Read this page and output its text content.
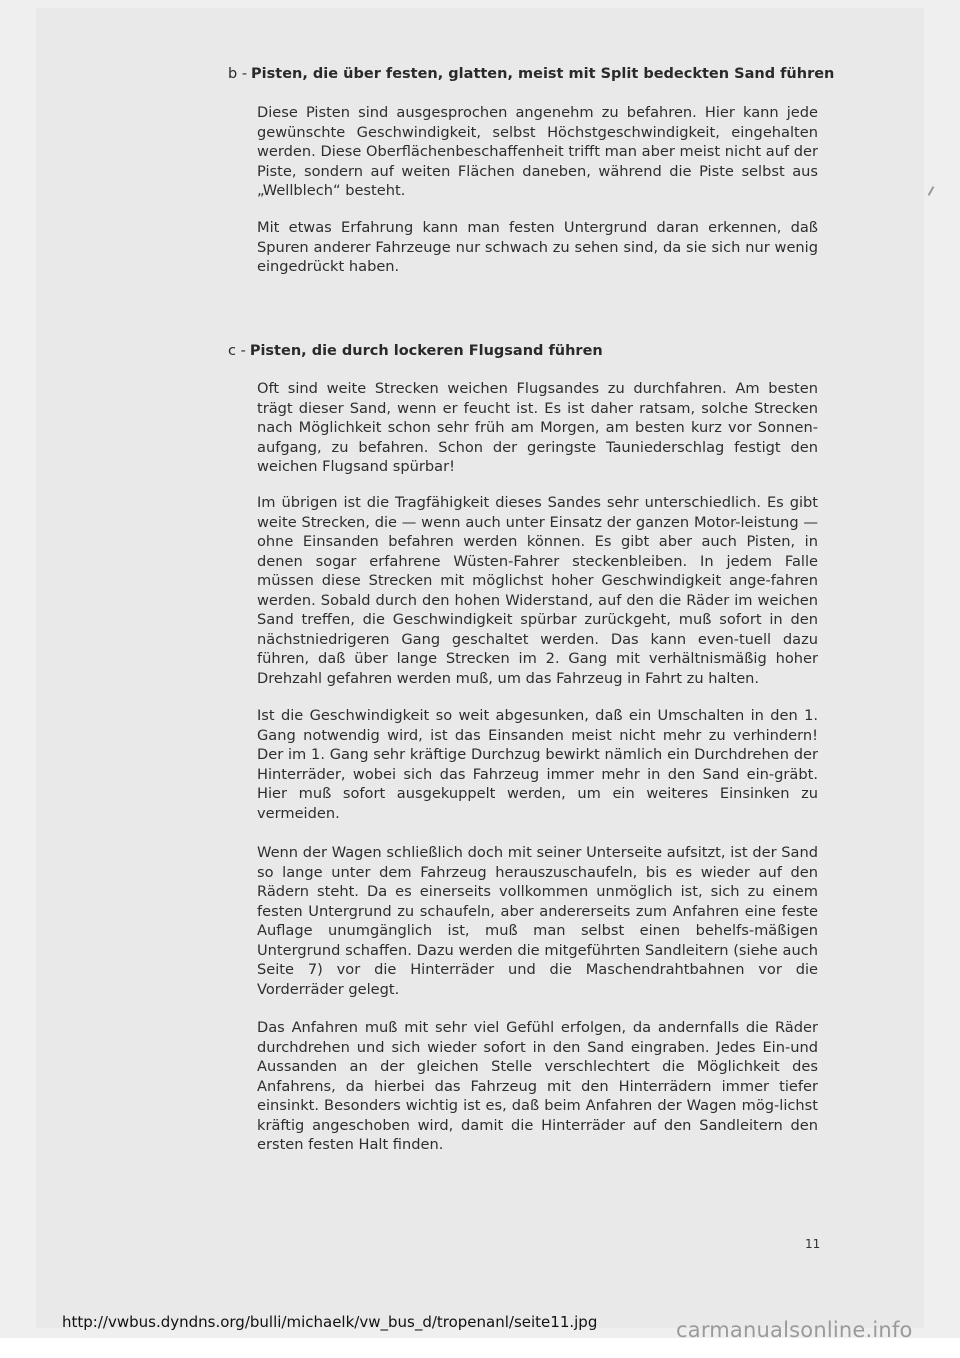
b - Pisten, die über festen, glatten, meist mit Split bedeckten Sand führen

Diese Pisten sind ausgesprochen angenehm zu befahren. Hier kann jede gewünschte Geschwindigkeit, selbst Höchstgeschwindigkeit, eingehalten werden. Diese Oberflächenbeschaffenheit trifft man aber meist nicht auf der Piste, sondern auf weiten Flächen daneben, während die Piste selbst aus „Wellblech“ besteht.

Mit etwas Erfahrung kann man festen Untergrund daran erkennen, daß Spuren anderer Fahrzeuge nur schwach zu sehen sind, da sie sich nur wenig eingedrückt haben.

c - Pisten, die durch lockeren Flugsand führen

Oft sind weite Strecken weichen Flugsandes zu durchfahren. Am besten trägt dieser Sand, wenn er feucht ist. Es ist daher ratsam, solche Strecken nach Möglichkeit schon sehr früh am Morgen, am besten kurz vor Sonnen-aufgang, zu befahren. Schon der geringste Tauniederschlag festigt den weichen Flugsand spürbar!

Im übrigen ist die Tragfähigkeit dieses Sandes sehr unterschiedlich. Es gibt weite Strecken, die — wenn auch unter Einsatz der ganzen Motor-leistung — ohne Einsanden befahren werden können. Es gibt aber auch Pisten, in denen sogar erfahrene Wüsten-Fahrer steckenbleiben. In jedem Falle müssen diese Strecken mit möglichst hoher Geschwindigkeit ange-fahren werden. Sobald durch den hohen Widerstand, auf den die Räder im weichen Sand treffen, die Geschwindigkeit spürbar zurückgeht, muß sofort in den nächstniedrigeren Gang geschaltet werden. Das kann even-tuell dazu führen, daß über lange Strecken im 2. Gang mit verhältnismäßig hoher Drehzahl gefahren werden muß, um das Fahrzeug in Fahrt zu halten.

Ist die Geschwindigkeit so weit abgesunken, daß ein Umschalten in den 1. Gang notwendig wird, ist das Einsanden meist nicht mehr zu verhindern! Der im 1. Gang sehr kräftige Durchzug bewirkt nämlich ein Durchdrehen der Hinterräder, wobei sich das Fahrzeug immer mehr in den Sand ein-gräbt. Hier muß sofort ausgekuppelt werden, um ein weiteres Einsinken zu vermeiden.

Wenn der Wagen schließlich doch mit seiner Unterseite aufsitzt, ist der Sand so lange unter dem Fahrzeug herauszuschaufeln, bis es wieder auf den Rädern steht. Da es einerseits vollkommen unmöglich ist, sich zu einem festen Untergrund zu schaufeln, aber andererseits zum Anfahren eine feste Auflage unumgänglich ist, muß man selbst einen behelfs-mäßigen Untergrund schaffen. Dazu werden die mitgeführten Sandleitern (siehe auch Seite 7) vor die Hinterräder und die Maschendrahtbahnen vor die Vorderräder gelegt.

Das Anfahren muß mit sehr viel Gefühl erfolgen, da andernfalls die Räder durchdrehen und sich wieder sofort in den Sand eingraben. Jedes Ein-und Aussanden an der gleichen Stelle verschlechtert die Möglichkeit des Anfahrens, da hierbei das Fahrzeug mit den Hinterrädern immer tiefer einsinkt. Besonders wichtig ist es, daß beim Anfahren der Wagen mög-lichst kräftig angeschoben wird, damit die Hinterräder auf den Sandleitern den ersten festen Halt finden.

11
http://vwbus.dyndns.org/bulli/michaelk/vw_bus_d/tropenanl/seite11.jpg	carmanualsonline.info
